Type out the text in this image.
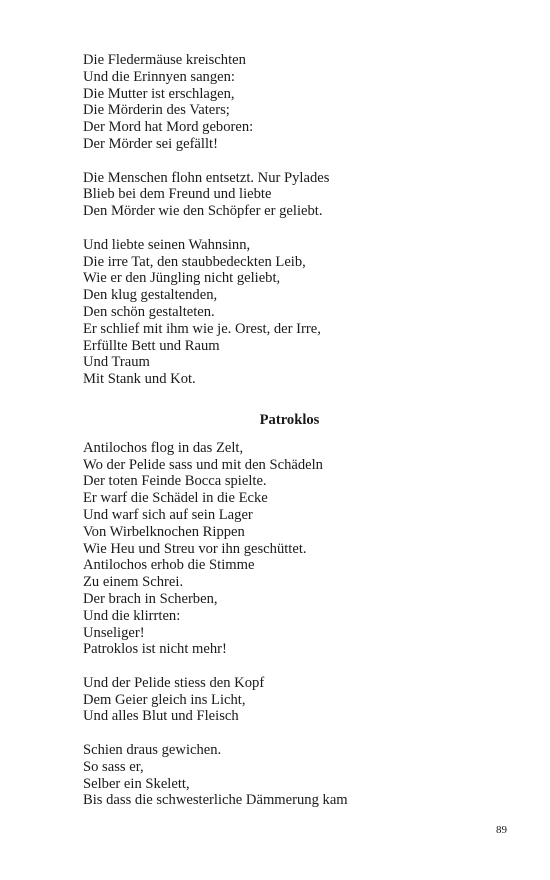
Die Fledermäuse kreischten
Und die Erinnyen sangen:
Die Mutter ist erschlagen,
Die Mörderin des Vaters;
Der Mord hat Mord geboren:
Der Mörder sei gefällt!
Die Menschen flohn entsetzt. Nur Pylades
Blieb bei dem Freund und liebte
Den Mörder wie den Schöpfer er geliebt.
Und liebte seinen Wahnsinn,
Die irre Tat, den staubbedeckten Leib,
Wie er den Jüngling nicht geliebt,
Den klug gestaltenden,
Den schön gestalteten.
Er schlief mit ihm wie je. Orest, der Irre,
Erfüllte Bett und Raum
Und Traum
Mit Stank und Kot.
Patroklos
Antilochos flog in das Zelt,
Wo der Pelide sass und mit den Schädeln
Der toten Feinde Bocca spielte.
Er warf die Schädel in die Ecke
Und warf sich auf sein Lager
Von Wirbelknochen Rippen
Wie Heu und Streu vor ihn geschüttet.
Antilochos erhob die Stimme
Zu einem Schrei.
Der brach in Scherben,
Und die klirrten:
Unseliger!
Patroklos ist nicht mehr!
Und der Pelide stiess den Kopf
Dem Geier gleich ins Licht,
Und alles Blut und Fleisch
Schien draus gewichen.
So sass er,
Selber ein Skelett,
Bis dass die schwesterliche Dämmerung kam
89
